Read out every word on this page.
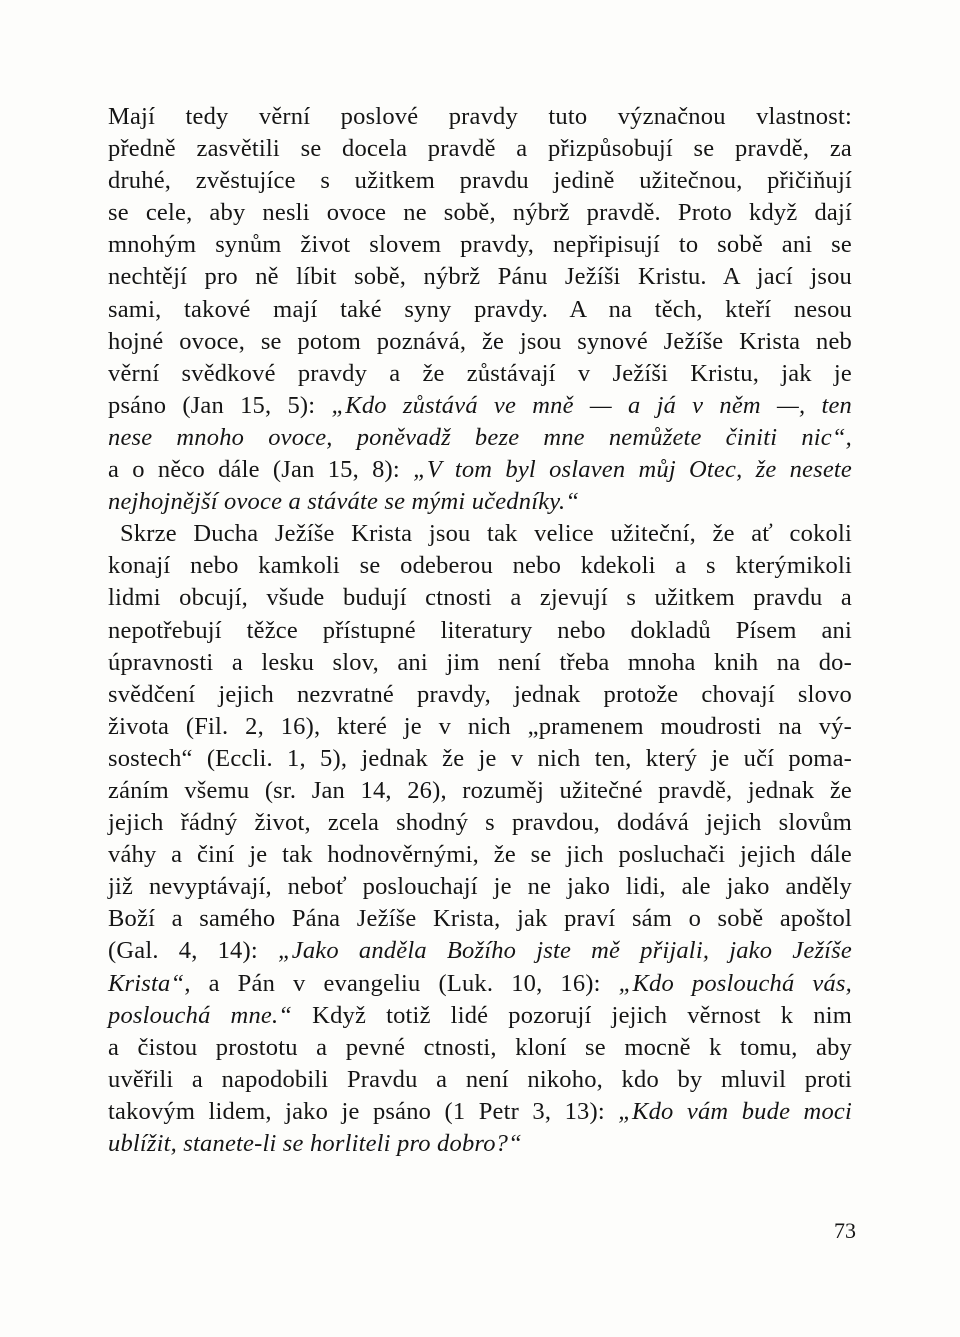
Mají tedy věrní poslové pravdy tuto význačnou vlastnost:
předně zasvětili se docela pravdě a přizpůsobují se pravdě, za
druhé, zvěstujíce s užitkem pravdu jedině užitečnou, přičiňují
se cele, aby nesli ovoce ne sobě, nýbrž pravdě. Proto když dají
mnohým synům život slovem pravdy, nepřipisují to sobě ani se
nechtějí pro ně líbit sobě, nýbrž Pánu Ježíši Kristu. A jací jsou
sami, takové mají také syny pravdy. A na těch, kteří nesou
hojné ovoce, se potom poznává, že jsou synové Ježíše Krista neb
věrní svědkové pravdy a že zůstávají v Ježíši Kristu, jak je
psáno (Jan 15, 5): „Kdo zůstává ve mně — a já v něm —, ten
nese mnoho ovoce, poněvadž beze mne nemůžete činiti nic“,
a o něco dále (Jan 15, 8): „V tom byl oslaven můj Otec, že nesete
nejhojnější ovoce a stáváte se mými učedníky.“
Skrze Ducha Ježíše Krista jsou tak velice užiteční, že ať cokoli
konají nebo kamkoli se odeberou nebo kdekoli a s kterýmikoli
lidmi obcují, všude budují ctnosti a zjevují s užitkem pravdu a
nepotřebují těžce přístupné literatury nebo dokladů Písem ani
úpravnosti a lesku slov, ani jim není třeba mnoha knih na do-
svědčení jejich nezvratné pravdy, jednak protože chovají slovo
života (Fil. 2, 16), které je v nich „pramenem moudrosti na vý-
sostech“ (Eccli. 1, 5), jednak že je v nich ten, který je učí poma-
záním všemu (sr. Jan 14, 26), rozuměj užitečné pravdě, jednak že
jejich řádný život, zcela shodný s pravdou, dodává jejich slovům
váhy a činí je tak hodnověrnými, že se jich posluchači jejich dále
již nevyptávají, neboť poslouchají je ne jako lidi, ale jako anděly
Boží a samého Pána Ježíše Krista, jak praví sám o sobě apoštol
(Gal. 4, 14): „Jako anděla Božího jste mě přijali, jako Ježíše
Krista“, a Pán v evangeliu (Luk. 10, 16): „Kdo poslouchá vás,
poslouchá mne.“ Když totiž lidé pozorují jejich věrnost k nim
a čistou prostotu a pevné ctnosti, kloní se mocně k tomu, aby
uvěřili a napodobili Pravdu a není nikoho, kdo by mluvil proti
takovým lidem, jako je psáno (1 Petr 3, 13): „Kdo vám bude moci
ublížit, stanete-li se horliteli pro dobro?“
73
